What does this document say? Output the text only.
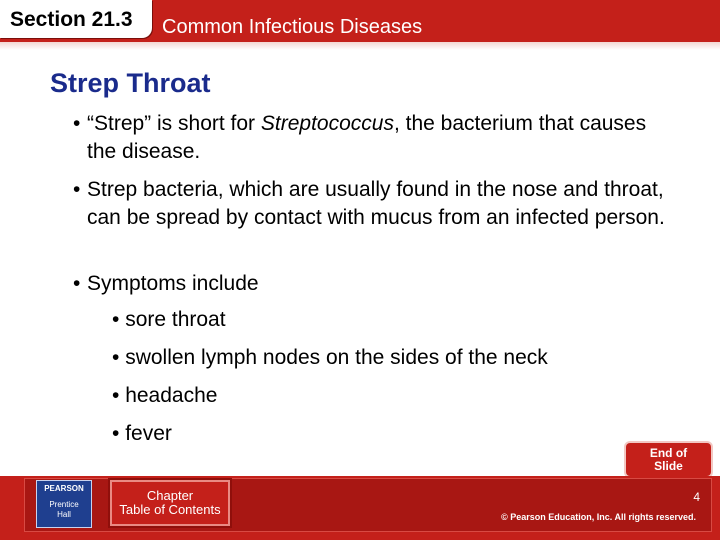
Section 21.3 Common Infectious Diseases
Strep Throat
• “Strep” is short for Streptococcus, the bacterium that causes the disease.
• Strep bacteria, which are usually found in the nose and throat, can be spread by contact with mucus from an infected person.
• Symptoms include
• sore throat
• swollen lymph nodes on the sides of the neck
• headache
• fever
End of
Slide
PEARSON
Prentice
Hall
Chapter
Table of Contents
4
© Pearson Education, Inc. All rights reserved.
